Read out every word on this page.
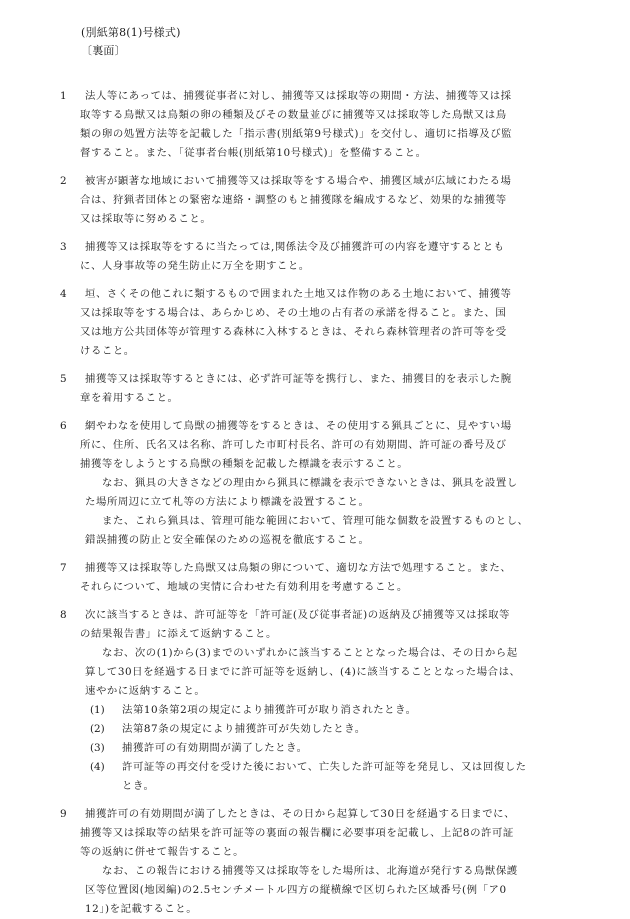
(別紙第8(1)号様式)
〔裏面〕
1	法人等にあっては、捕獲従事者に対し、捕獲等又は採取等の期間・方法、捕獲等又は採
取等する鳥獣又は鳥類の卵の種類及びその数量並びに捕獲等又は採取等した鳥獣又は鳥
類の卵の処置方法等を記載した「指示書(別紙第9号様式)」を交付し、適切に指導及び監
督すること。また、「従事者台帳(別紙第10号様式)」を整備すること。
2	被害が顕著な地域において捕獲等又は採取等をする場合や、捕獲区域が広域にわたる場
合は、狩猟者団体との緊密な連絡・調整のもと捕獲隊を編成するなど、効果的な捕獲等
又は採取等に努めること。
3	捕獲等又は採取等をするに当たっては,関係法令及び捕獲許可の内容を遵守するととも
に、人身事故等の発生防止に万全を期すこと。
4	垣、さくその他これに類するもので囲まれた土地又は作物のある土地において、捕獲等
又は採取等をする場合は、あらかじめ、その土地の占有者の承諾を得ること。また、国
又は地方公共団体等が管理する森林に入林するときは、それら森林管理者の許可等を受
けること。
5	捕獲等又は採取等するときには、必ず許可証等を携行し、また、捕獲目的を表示した腕
章を着用すること。
6	網やわなを使用して鳥獣の捕獲等をするときは、その使用する猟具ごとに、見やすい場
所に、住所、氏名又は名称、許可した市町村長名、許可の有効期間、許可証の番号及び
捕獲等をしようとする鳥獣の種類を記載した標識を表示すること。
なお、猟具の大きさなどの理由から猟具に標識を表示できないときは、猟具を設置し
た場所周辺に立て札等の方法により標識を設置すること。
また、これら猟具は、管理可能な範囲において、管理可能な個数を設置するものとし、
錯誤捕獲の防止と安全確保のための巡視を徹底すること。
7	捕獲等又は採取等した鳥獣又は鳥類の卵について、適切な方法で処理すること。また、
それらについて、地域の実情に合わせた有効利用を考慮すること。
8	次に該当するときは、許可証等を「許可証(及び従事者証)の返納及び捕獲等又は採取等
の結果報告書」に添えて返納すること。
なお、次の(1)から(3)までのいずれかに該当することとなった場合は、その日から起
算して30日を経過する日までに許可証等を返納し、(4)に該当することとなった場合は、
速やかに返納すること。
(1)	法第10条第2項の規定により捕獲許可が取り消されたとき。
(2)	法第87条の規定により捕獲許可が失効したとき。
(3)	捕獲許可の有効期間が満了したとき。
(4)	許可証等の再交付を受けた後において、亡失した許可証等を発見し、又は回復した
とき。
9	捕獲許可の有効期間が満了したときは、その日から起算して30日を経過する日までに、
捕獲等又は採取等の結果を許可証等の裏面の報告欄に必要事項を記載し、上記8の許可証
等の返納に併せて報告すること。
なお、この報告における捕獲等又は採取等をした場所は、北海道が発行する鳥獣保護
区等位置図(地図編)の2.5センチメートル四方の縦横線で区切られた区域番号(例「ア0
12」)を記載すること。
